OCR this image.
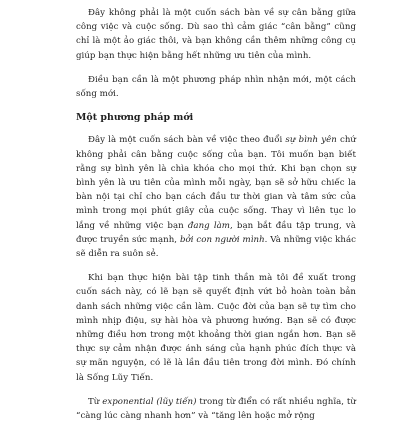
Đây không phải là một cuốn sách bàn về sự cân bằng giữa công việc và cuộc sống. Dù sao thì cảm giác “cân bằng” cũng chỉ là một ảo giác thôi, và bạn không cần thêm những công cụ giúp bạn thực hiện bằng hết những ưu tiên của mình.

Điều bạn cần là một phương pháp nhìn nhận mới, một cách sống mới.

Một phương pháp mới

Đây là một cuốn sách bàn về việc theo đuổi sự bình yên chứ không phải cân bằng cuộc sống của bạn. Tôi muốn bạn biết rằng sự bình yên là chìa khóa cho mọi thứ. Khi bạn chọn sự bình yên là ưu tiên của mình mỗi ngày, bạn sẽ sở hữu chiếc la bàn nội tại chỉ cho bạn cách đầu tư thời gian và tâm sức của mình trong mọi phút giây của cuộc sống. Thay vì liên tục lo lắng về những việc bạn đang làm, bạn bắt đầu tập trung, và được truyền sức mạnh, bởi con người mình. Và những việc khác sẽ diễn ra suôn sẻ.

Khi bạn thực hiện bài tập tinh thần mà tôi đề xuất trong cuốn sách này, có lẽ bạn sẽ quyết định vứt bỏ hoàn toàn bản danh sách những việc cần làm. Cuộc đời của bạn sẽ tự tìm cho mình nhịp điệu, sự hài hòa và phương hướng. Bạn sẽ có được những điều hơn trong một khoảng thời gian ngắn hơn. Bạn sẽ thực sự cảm nhận được ánh sáng của hạnh phúc đích thực và sự mãn nguyện, có lẽ là lần đầu tiên trong đời mình. Đó chính là Sống Lũy Tiến.

Từ exponential (lũy tiến) trong từ điển có rất nhiều nghĩa, từ “càng lúc càng nhanh hơn” và “tăng lên hoặc mở rộng
